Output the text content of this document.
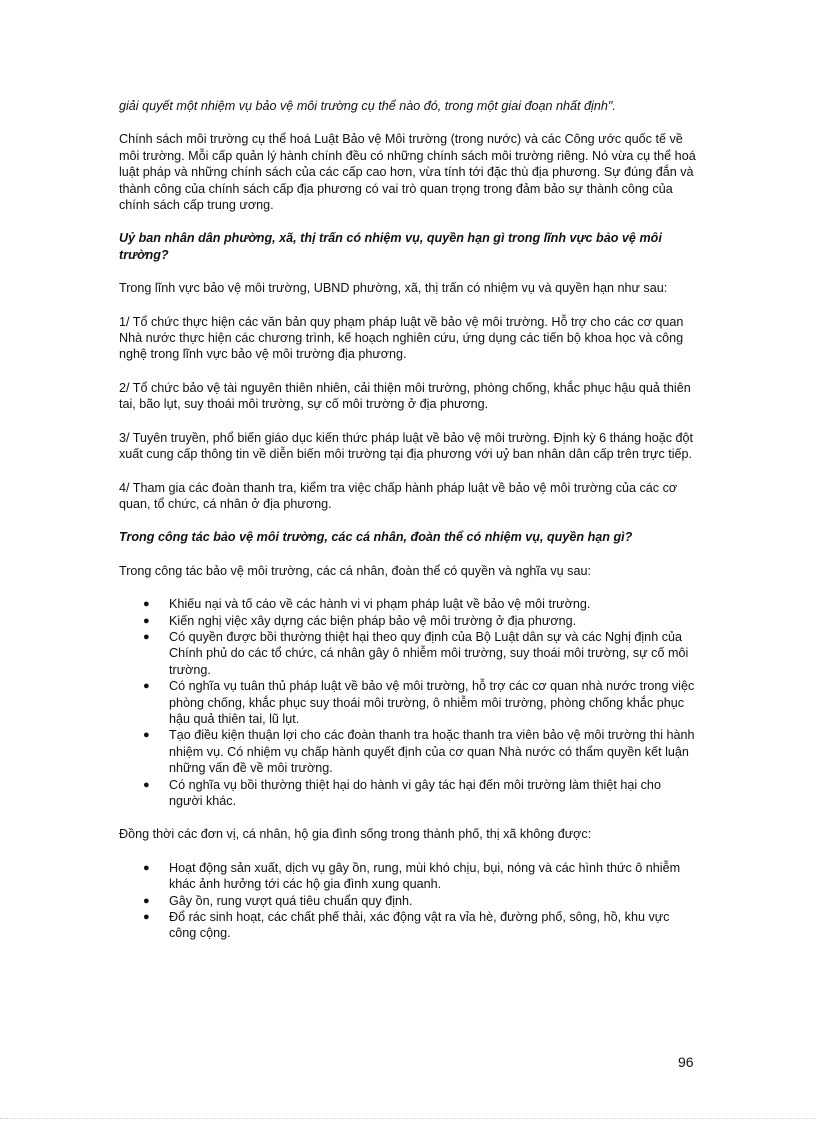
giải quyết một nhiệm vụ bảo vệ môi trường cụ thể nào đó, trong một giai đoạn nhất định".

Chính sách môi trường cụ thể hoá Luật Bảo vệ Môi trường (trong nước) và các Công ước quốc tế về môi trường. Mỗi cấp quản lý hành chính đều có những chính sách môi trường riêng. Nó vừa cụ thể hoá luật pháp và những chính sách của các cấp cao hơn, vừa tính tới đặc thù địa phương. Sự đúng đắn và thành công của chính sách cấp địa phương có vai trò quan trọng trong đảm bảo sự thành công của chính sách cấp trung ương.

Uỷ ban nhân dân phường, xã, thị trấn có nhiệm vụ, quyền hạn gì trong lĩnh vực bảo vệ môi trường?

Trong lĩnh vực bảo vệ môi trường, UBND phường, xã, thị trấn có nhiệm vụ và quyền hạn như sau:

1/ Tổ chức thực hiện các văn bản quy phạm pháp luật về bảo vệ môi trường. Hỗ trợ cho các cơ quan Nhà nước thực hiện các chương trình, kế hoạch nghiên cứu, ứng dụng các tiến bộ khoa học và công nghệ trong lĩnh vực bảo vệ môi trường địa phương.

2/ Tổ chức bảo vệ tài nguyên thiên nhiên, cải thiện môi trường, phòng chống, khắc phục hậu quả thiên tai, bão lụt, suy thoái môi trường, sự cố môi trường ở địa phương.

3/ Tuyên truyền, phổ biến giáo dục kiến thức pháp luật về bảo vệ môi trường. Định kỳ 6 tháng hoặc đột xuất cung cấp thông tin về diễn biến môi trường tại địa phương với uỷ ban nhân dân cấp trên trực tiếp.

4/ Tham gia các đoàn thanh tra, kiểm tra việc chấp hành pháp luật về bảo vệ môi trường của các cơ quan, tổ chức, cá nhân ở địa phương.

Trong công tác bảo vệ môi trường, các cá nhân, đoàn thể có nhiệm vụ, quyền hạn gì?

Trong công tác bảo vệ môi trường, các cá nhân, đoàn thể có quyền và nghĩa vụ sau:

● Khiếu nại và tố cáo về các hành vi vi phạm pháp luật về bảo vệ môi trường.
● Kiến nghị việc xây dựng các biện pháp bảo vệ môi trường ở địa phương.
● Có quyền được bồi thường thiệt hại theo quy định của Bộ Luật dân sự và các Nghị định của Chính phủ do các tổ chức, cá nhân gây ô nhiễm môi trường, suy thoái môi trường, sự cố môi trường.
● Có nghĩa vụ tuân thủ pháp luật về bảo vệ môi trường, hỗ trợ các cơ quan nhà nước trong việc phòng chống, khắc phục suy thoái môi trường, ô nhiễm môi trường, phòng chống khắc phục hậu quả thiên tai, lũ lụt.
● Tạo điều kiện thuận lợi cho các đoàn thanh tra hoặc thanh tra viên bảo vệ môi trường thi hành nhiệm vụ. Có nhiệm vụ chấp hành quyết định của cơ quan Nhà nước có thẩm quyền kết luận những vấn đề về môi trường.
● Có nghĩa vụ bồi thường thiệt hại do hành vi gây tác hại đến môi trường làm thiệt hại cho người khác.

Đồng thời các đơn vị, cá nhân, hộ gia đình sống trong thành phố, thị xã không được:

● Hoạt động sản xuất, dịch vụ gây ồn, rung, mùi khó chịu, bụi, nóng và các hình thức ô nhiễm khác ảnh hưởng tới các hộ gia đình xung quanh.
● Gây ồn, rung vượt quá tiêu chuẩn quy định.
● Đổ rác sinh hoạt, các chất phế thải, xác động vật ra vỉa hè, đường phố, sông, hồ, khu vực công cộng.
96
